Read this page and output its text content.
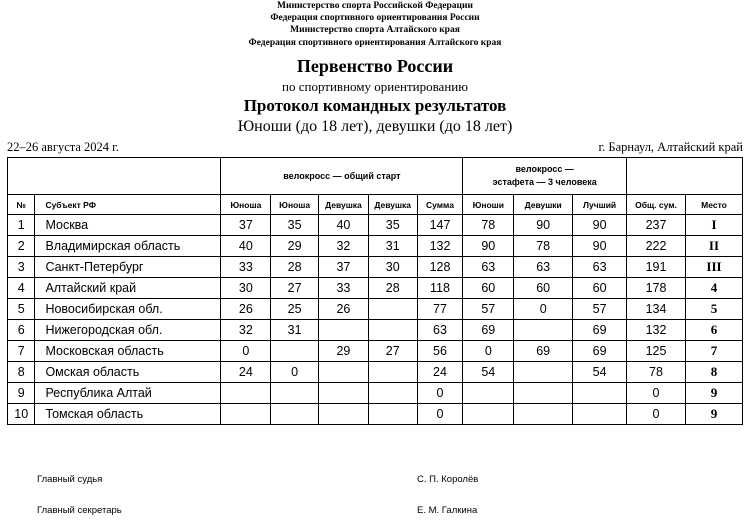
Министерство спорта Российской Федерации
Федерация спортивного ориентирования России
Министерство спорта Алтайского края
Федерация спортивного ориентирования Алтайского края
Первенство России
по спортивному ориентированию
Протокол командных результатов
Юноши (до 18 лет), девушки (до 18 лет)
22–26 августа 2024 г.	г. Барнаул, Алтайский край
		велокросс — общий старт					велокросс —
эстафета — 3 человека				

№	Субъект РФ	Юноша	Юноша	Девушка	Девушка	Сумма	Юноши	Девушки	Лучший	Общ. сум.	Место
1	Москва	37	35	40	35	147	78	90	90	237	I
2	Владимирская область	40	29	32	31	132	90	78	90	222	II
3	Санкт-Петербург	33	28	37	30	128	63	63	63	191	III
4	Алтайский край	30	27	33	28	118	60	60	60	178	4
5	Новосибирская обл.	26	25	26		77	57	0	57	134	5
6	Нижегородская обл.	32	31			63	69		69	132	6
7	Московская область	0		29	27	56	0	69	69	125	7
8	Омская область	24	0			24	54		54	78	8
9	Республика Алтай					0				0	9
10	Томская область					0				0	9
Главный судья	С. П. Королёв
Главный секретарь	Е. М. Галкина
